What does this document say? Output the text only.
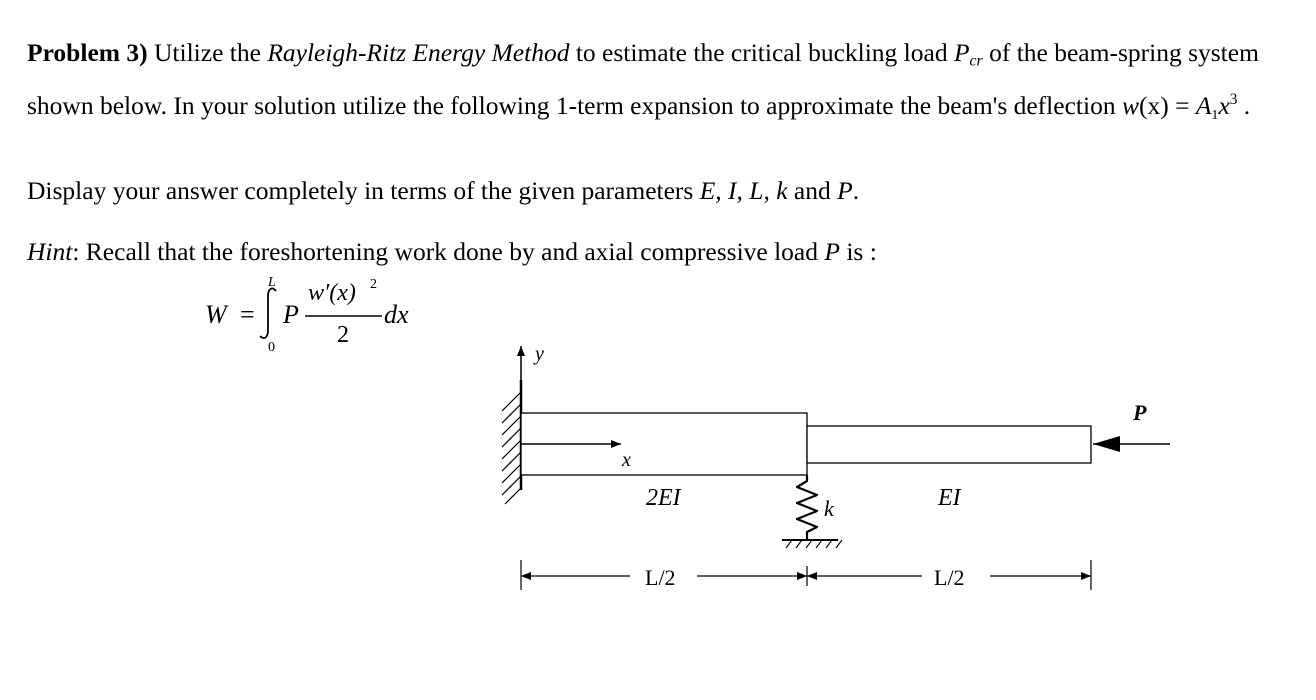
Problem 3) Utilize the Rayleigh-Ritz Energy Method to estimate the critical buckling load $P_{cr}$ of the beam-spring system shown below. In your solution utilize the following 1-term expansion to approximate the beam's deflection $w(x) = A1x^3$ .

Display your answer completely in terms of the given parameters E, I, L, k and P.

Hint: Recall that the foreshortening work done by and axial compressive load P is :

W =
L
0
P
w′(x) 2
2
dx
y
x
P
2EI	EI
k
L/2	L/2
